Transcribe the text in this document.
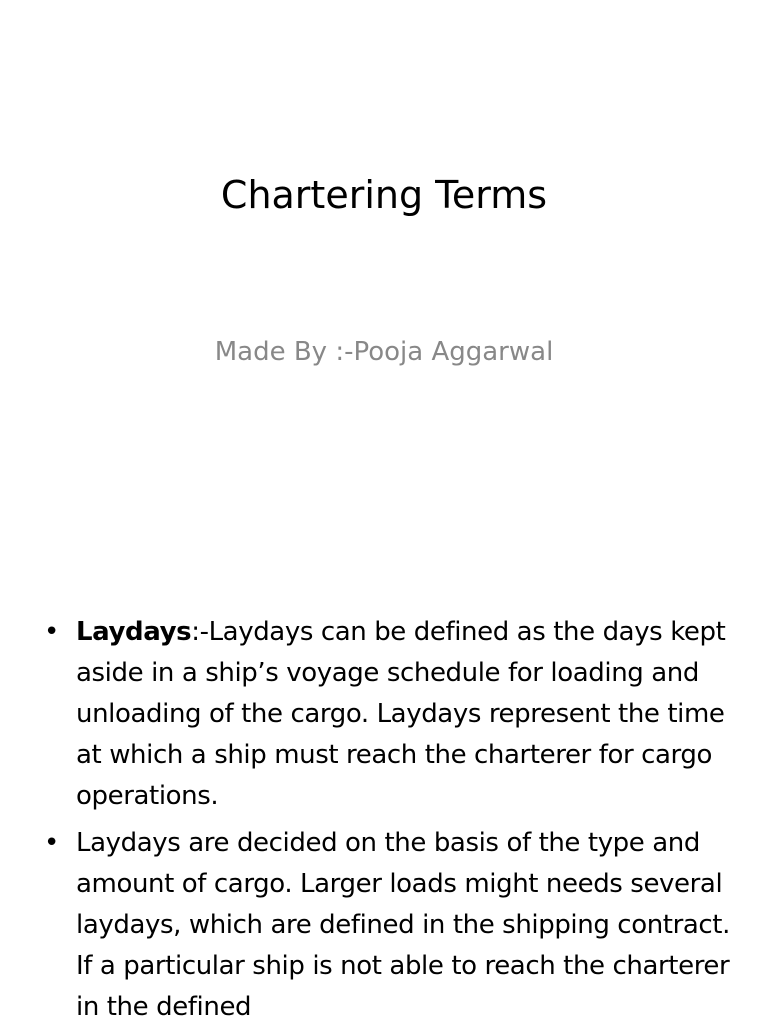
Chartering Terms
Made By :-Pooja Aggarwal
• Laydays:-Laydays can be defined as the days kept aside in a ship’s voyage schedule for loading and unloading of the cargo. Laydays represent the time at which a ship must reach the charterer for cargo operations.
• Laydays are decided on the basis of the type and amount of cargo. Larger loads might needs several laydays, which are defined in the shipping contract. If a particular ship is not able to reach the charterer in the defined
